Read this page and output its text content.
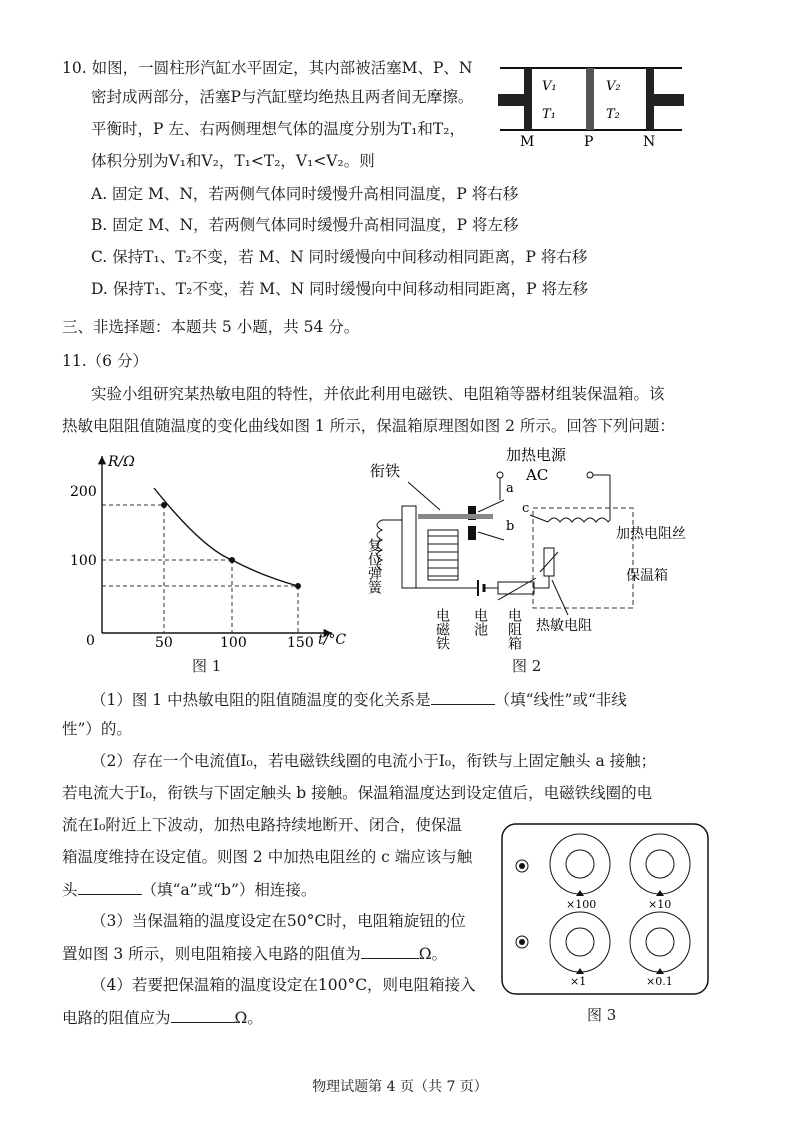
10. 如图，一圆柱形汽缸水平固定，其内部被活塞M、P、N
密封成两部分，活塞P与汽缸壁均绝热且两者间无摩擦。
平衡时，P 左、右两侧理想气体的温度分别为T₁和T₂，
体积分别为V₁和V₂，T₁<T₂，V₁<V₂。则
A. 固定 M、N，若两侧气体同时缓慢升高相同温度，P 将右移
B. 固定 M、N，若两侧气体同时缓慢升高相同温度，P 将左移
C. 保持T₁、T₂不变，若 M、N 同时缓慢向中间移动相同距离，P 将右移
D. 保持T₁、T₂不变，若 M、N 同时缓慢向中间移动相同距离，P 将左移
V₁
T₁
V₂
T₂
M	P	N
三、非选择题：本题共 5 小题，共 54 分。
11.（6 分）
实验小组研究某热敏电阻的特性，并依此利用电磁铁、电阻箱等器材组装保温箱。该
热敏电阻阻值随温度的变化曲线如图 1 所示，保温箱原理图如图 2 所示。回答下列问题：
R/Ω
t/°C
0
100
200
50	100	150
图 1
加热电源
AC
衔铁
a
b
c
加热电阻丝
保温箱
热敏电阻
复位弹簧
电磁铁 电池 电阻箱
图 2
（1）图 1 中热敏电阻的阻值随温度的变化关系是	（填“线性”或“非线
性”）的。
（2）存在一个电流值I₀，若电磁铁线圈的电流小于I₀，衔铁与上固定触头 a 接触；
若电流大于I₀，衔铁与下固定触头 b 接触。保温箱温度达到设定值后，电磁铁线圈的电
流在I₀附近上下波动，加热电路持续地断开、闭合，使保温
箱温度维持在设定值。则图 2 中加热电阻丝的 c 端应该与触
头	（填“a”或“b”）相连接。
（3）当保温箱的温度设定在50°C时，电阻箱旋钮的位
置如图 3 所示，则电阻箱接入电路的阻值为	Ω。
（4）若要把保温箱的温度设定在100°C，则电阻箱接入
电路的阻值应为	Ω。
×100	×10
×1	×0.1
图 3
物理试题第 4 页（共 7 页）
